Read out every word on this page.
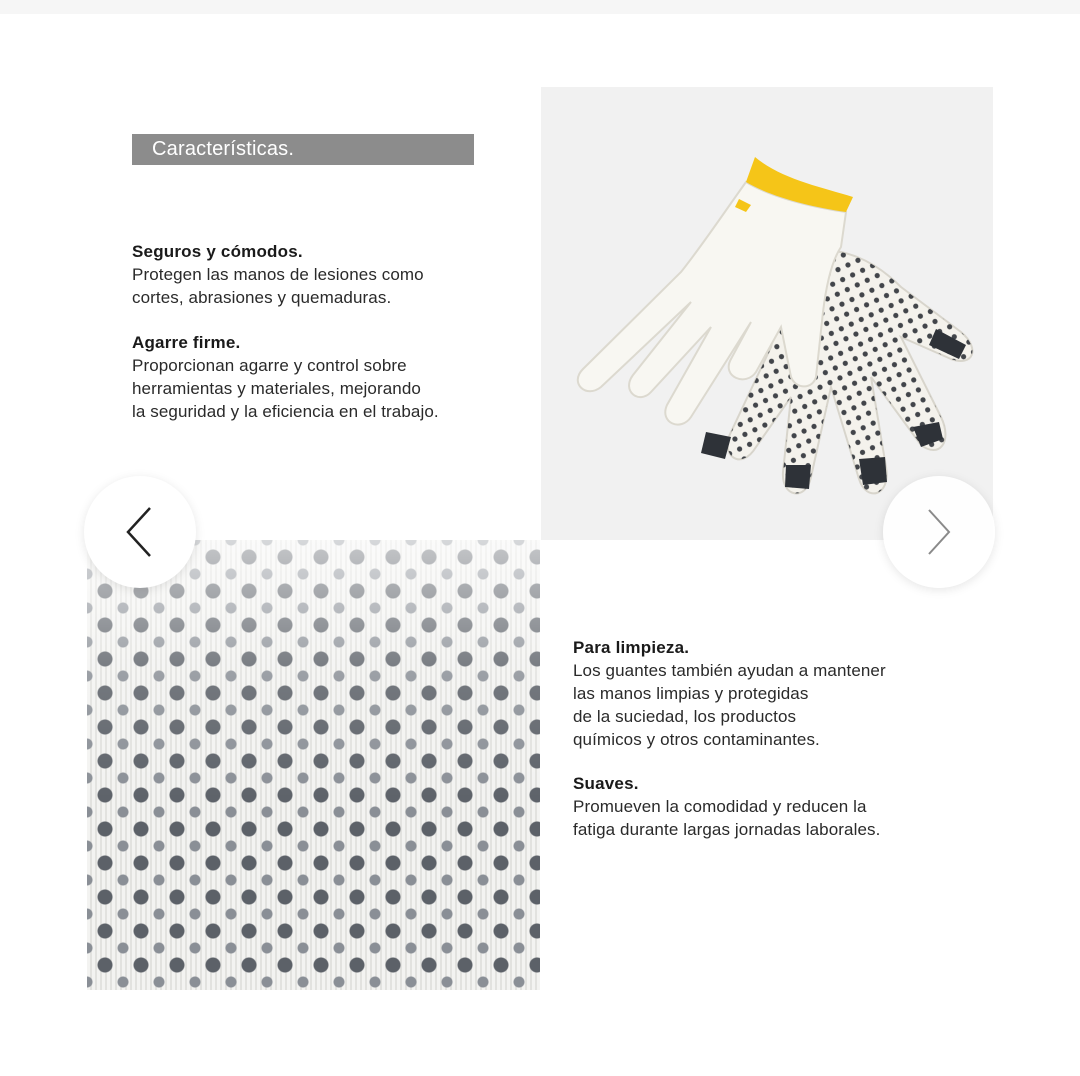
Características.
Seguros y cómodos.
Protegen las manos de lesiones como
cortes, abrasiones y quemaduras.
Agarre firme.
Proporcionan agarre y control sobre
herramientas y materiales, mejorando
la seguridad y la eficiencia en el trabajo.
Para limpieza.
Los guantes también ayudan a mantener
las manos limpias y protegidas
de la suciedad, los productos
químicos y otros contaminantes.
Suaves.
Promueven la comodidad y reducen la
fatiga durante largas jornadas laborales.
